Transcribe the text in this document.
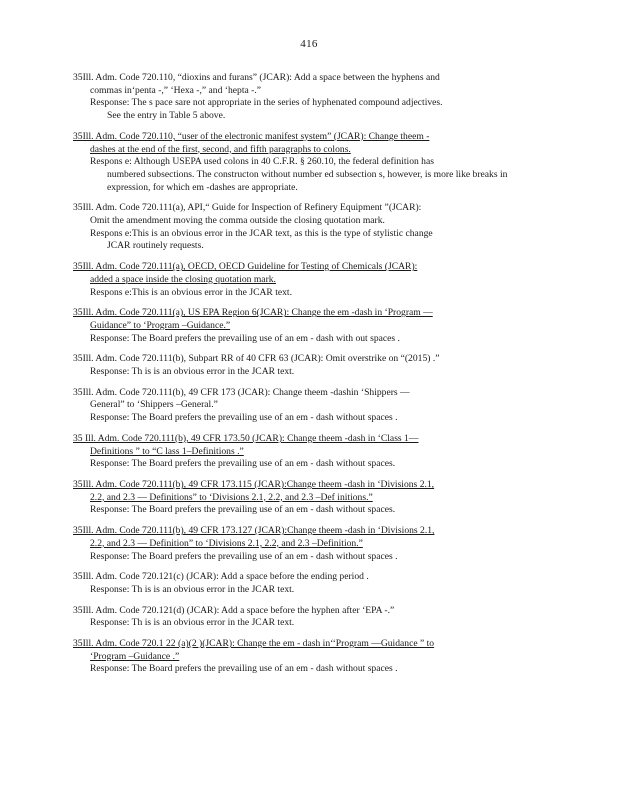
416
35Ill. Adm. Code 720.110, “dioxins and furans” (JCAR): Add a space between the hyphens and
commas in‘penta -,” ‘Hexa -,” and ‘hepta -.”
Response: The s pace sare not appropriate in the series of hyphenated compound adjectives.
See the entry in Table 5 above.
35Ill. Adm. Code 720.110, “user of the electronic manifest system” (JCAR): Change theem -
dashes at the end of the first, second, and fifth paragraphs to colons.
Respons e: Although USEPA used colons in 40 C.F.R. § 260.10, the federal definition has
numbered subsections. The constructon without number ed subsection s, however, is more like breaks in expression, for which em -dashes are appropriate.
35Ill. Adm. Code 720.111(a), API,“ Guide for Inspection of Refinery Equipment ”(JCAR):
Omit the amendment moving the comma outside the closing quotation mark.
Respons e:This is an obvious error in the JCAR text, as this is the type of stylistic change
JCAR routinely requests.
35Ill. Adm. Code 720.111(a), OECD, OECD Guideline for Testing of Chemicals (JCAR):
added a space inside the closing quotation mark.
Respons e:This is an obvious error in the JCAR text.
35Ill. Adm. Code 720.111(a), US EPA Region 6(JCAR): Change the em -dash in ‘Program —
Guidance” to ‘Program –Guidance.”
Response: The Board prefers the prevailing use of an em - dash with out spaces .
35Ill. Adm. Code 720.111(b), Subpart RR of 40 CFR 63 (JCAR): Omit overstrike on “(2015) .”
Response: Th is is an obvious error in the JCAR text.
35Ill. Adm. Code 720.111(b), 49 CFR 173 (JCAR): Change theem -dashin ‘Shippers —
General” to ‘Shippers –General.”
Response: The Board prefers the prevailing use of an em - dash without spaces .
35 Ill. Adm. Code 720.111(b), 49 CFR 173.50 (JCAR): Change theem -dash in ‘Class 1—
Definitions ” to “C lass 1–Definitions .”
Response: The Board prefers the prevailing use of an em - dash without spaces.
35Ill. Adm. Code 720.111(b), 49 CFR 173.115 (JCAR):Change theem -dash in ‘Divisions 2.1,
2.2, and 2.3 — Definitions” to ‘Divisions 2.1, 2.2, and 2.3 –Def initions.”
Response: The Board prefers the prevailing use of an em - dash without spaces.
35Ill. Adm. Code 720.111(b), 49 CFR 173.127 (JCAR):Change theem -dash in ‘Divisions 2.1,
2.2, and 2.3 — Definition” to ‘Divisions 2.1, 2.2, and 2.3 –Definition.”
Response: The Board prefers the prevailing use of an em - dash without spaces .
35Ill. Adm. Code 720.121(c) (JCAR): Add a space before the ending period .
Response: Th is is an obvious error in the JCAR text.
35Ill. Adm. Code 720.121(d) (JCAR): Add a space before the hyphen after ‘EPA -.”
Response: Th is is an obvious error in the JCAR text.
35Ill. Adm. Code 720.1 22 (a)(2 )(JCAR): Change the em - dash in‘‘Program —Guidance ” to
‘Program –Guidance .”
Response: The Board prefers the prevailing use of an em - dash without spaces .
